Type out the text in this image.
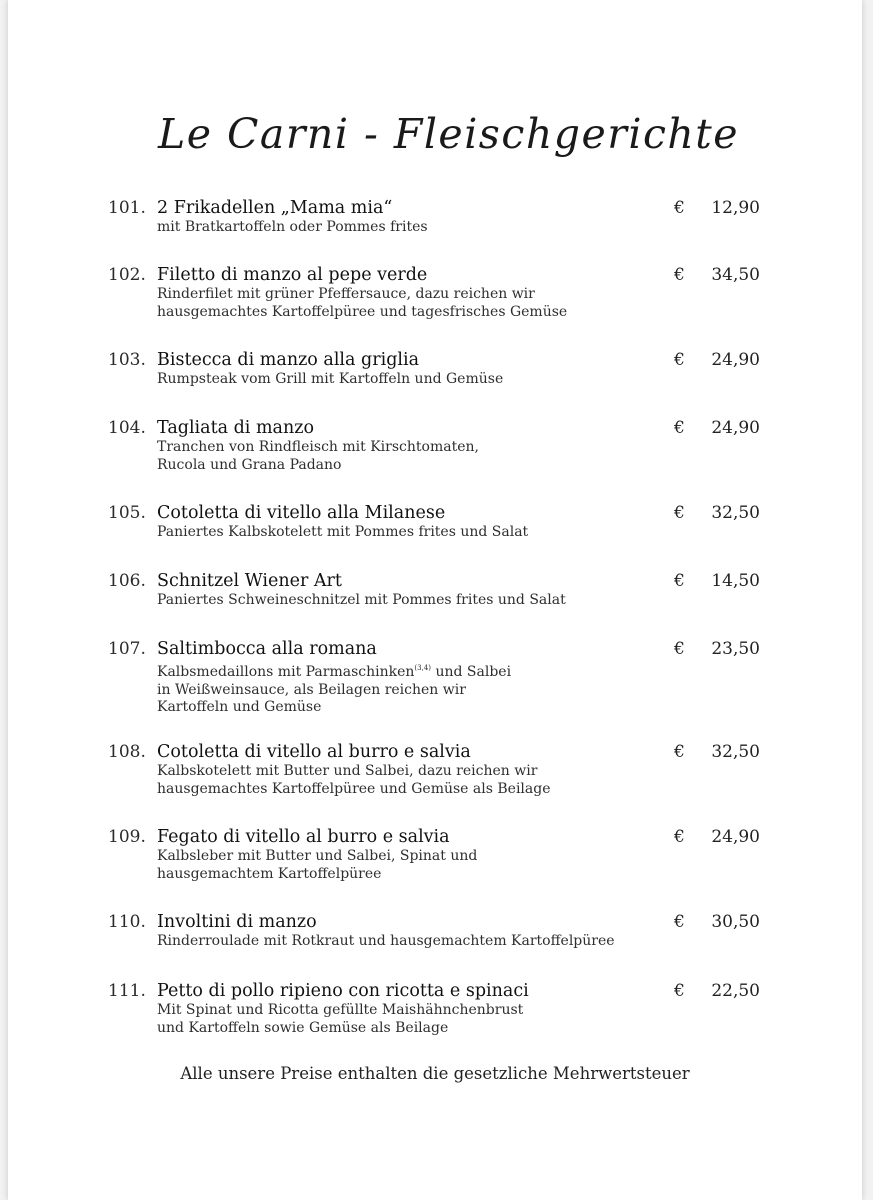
Le Carni - Fleischgerichte
101. 2 Frikadellen „Mama mia“
mit Bratkartoffeln oder Pommes frites
€	12,90
102. Filetto di manzo al pepe verde
Rinderfilet mit grüner Pfeffersauce, dazu reichen wir
hausgemachtes Kartoffelpüree und tagesfrisches Gemüse
€	34,50
103. Bistecca di manzo alla griglia
Rumpsteak vom Grill mit Kartoffeln und Gemüse
€	24,90
104. Tagliata di manzo
Tranchen von Rindfleisch mit Kirschtomaten,
Rucola und Grana Padano
€	24,90
105. Cotoletta di vitello alla Milanese
Paniertes Kalbskotelett mit Pommes frites und Salat
€	32,50
106. Schnitzel Wiener Art
Paniertes Schweineschnitzel mit Pommes frites und Salat
€	14,50
107. Saltimbocca alla romana
Kalbsmedaillons mit Parmaschinken$^{(3,4)}$ und Salbei
in Weißweinsauce, als Beilagen reichen wir
Kartoffeln und Gemüse
€	23,50
108. Cotoletta di vitello al burro e salvia
Kalbskotelett mit Butter und Salbei, dazu reichen wir
hausgemachtes Kartoffelpüree und Gemüse als Beilage
€	32,50
109. Fegato di vitello al burro e salvia
Kalbsleber mit Butter und Salbei, Spinat und
hausgemachtem Kartoffelpüree
€	24,90
110. Involtini di manzo
Rinderroulade mit Rotkraut und hausgemachtem Kartoffelpüree
€	30,50
111. Petto di pollo ripieno con ricotta e spinaci
Mit Spinat und Ricotta gefüllte Maishähnchenbrust
und Kartoffeln sowie Gemüse als Beilage
€	22,50
Alle unsere Preise enthalten die gesetzliche Mehrwertsteuer
